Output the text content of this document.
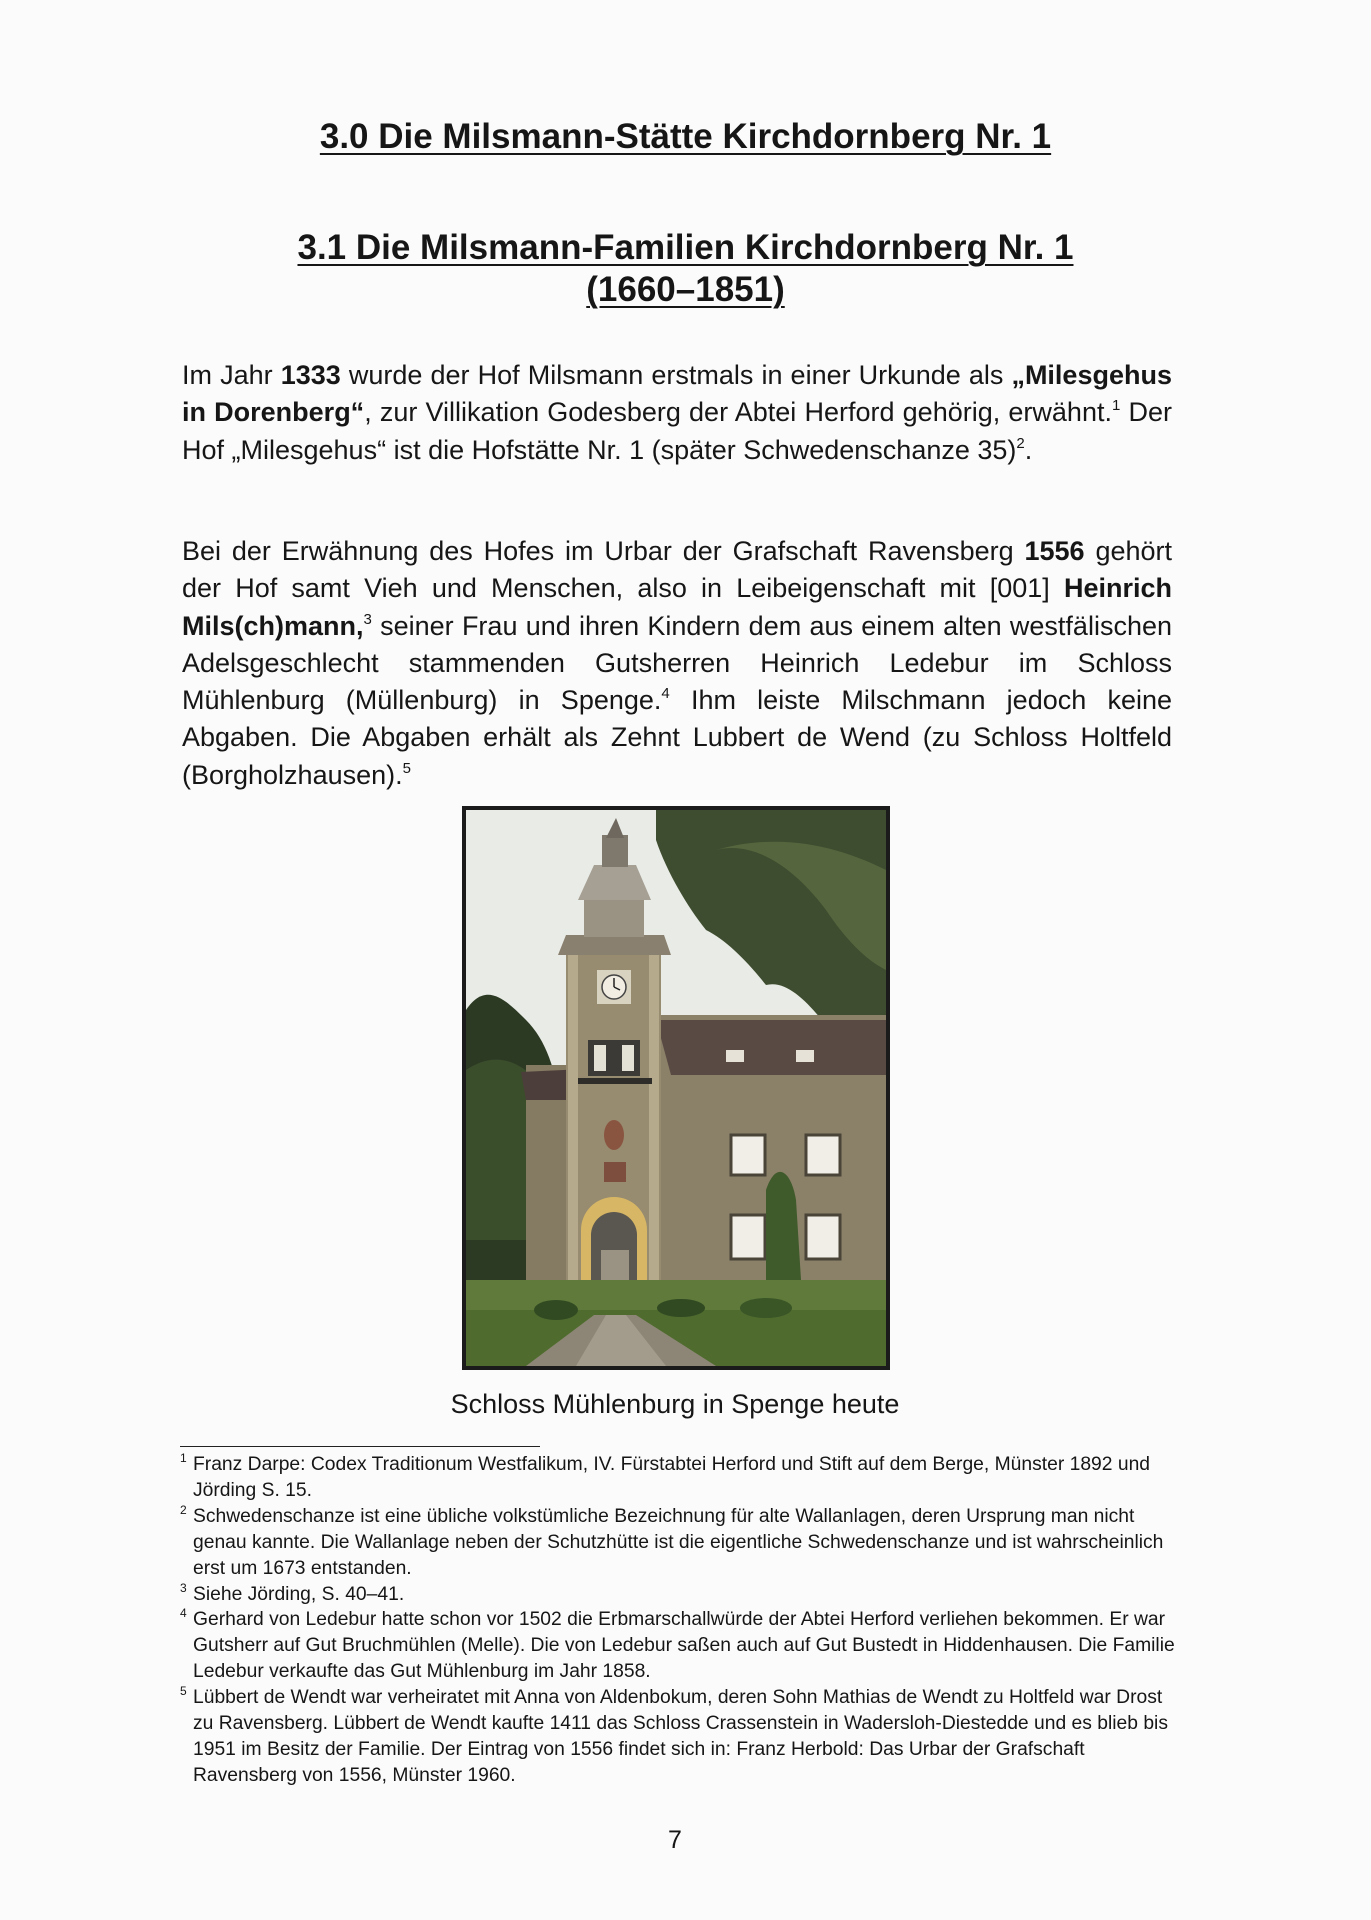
3.0 Die Milsmann-Stätte Kirchdornberg Nr. 1
3.1 Die Milsmann-Familien Kirchdornberg Nr. 1
(1660–1851)
Im Jahr 1333 wurde der Hof Milsmann erstmals in einer Urkunde als „Milesgehus in Dorenberg“, zur Villikation Godesberg der Abtei Herford gehörig, erwähnt.$^1$ Der Hof „Milesgehus“ ist die Hofstätte Nr. 1 (später Schwedenschanze 35)$^2$.
Bei der Erwähnung des Hofes im Urbar der Grafschaft Ravensberg 1556 gehört der Hof samt Vieh und Menschen, also in Leibeigenschaft mit [001] Heinrich Mils(ch)mann,$^3$ seiner Frau und ihren Kindern dem aus einem alten westfälischen Adelsgeschlecht stammenden Gutsherren Heinrich Ledebur im Schloss Mühlenburg (Müllenburg) in Spenge.$^4$ Ihm leiste Milschmann jedoch keine Abgaben. Die Abgaben erhält als Zehnt Lubbert de Wend (zu Schloss Holtfeld (Borgholzhausen).$^5$
Schloss Mühlenburg in Spenge heute
1 Franz Darpe: Codex Traditionum Westfalikum, IV. Fürstabtei Herford und Stift auf dem Berge, Münster 1892 und Jörding S. 15.
2 Schwedenschanze ist eine übliche volkstümliche Bezeichnung für alte Wallanlagen, deren Ursprung man nicht genau kannte. Die Wallanlage neben der Schutzhütte ist die eigentliche Schwedenschanze und ist wahrscheinlich erst um 1673 entstanden.
3 Siehe Jörding, S. 40–41.
4 Gerhard von Ledebur hatte schon vor 1502 die Erbmarschallwürde der Abtei Herford verliehen bekommen. Er war Gutsherr auf Gut Bruchmühlen (Melle). Die von Ledebur saßen auch auf Gut Bustedt in Hiddenhausen. Die Familie Ledebur verkaufte das Gut Mühlenburg im Jahr 1858.
5 Lübbert de Wendt war verheiratet mit Anna von Aldenbokum, deren Sohn Mathias de Wendt zu Holtfeld war Drost zu Ravensberg. Lübbert de Wendt kaufte 1411 das Schloss Crassenstein in Wadersloh-Diestedde und es blieb bis 1951 im Besitz der Familie. Der Eintrag von 1556 findet sich in: Franz Herbold: Das Urbar der Grafschaft Ravensberg von 1556, Münster 1960.
7
